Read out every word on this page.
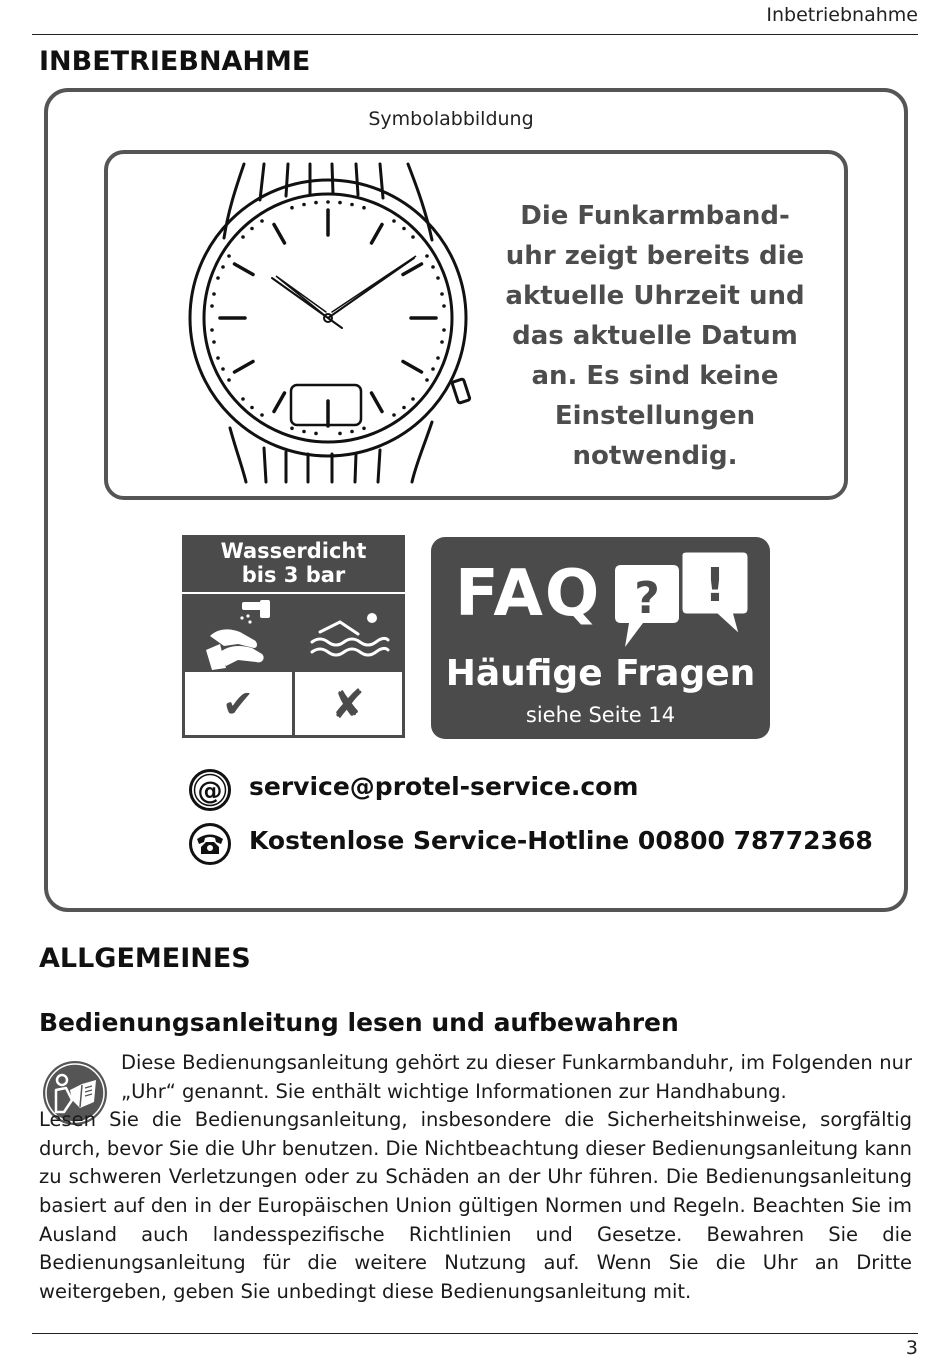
Inbetriebnahme
INBETRIEBNAHME
Symbolabbildung
Die Funkarmband-uhr zeigt bereits die aktuelle Uhrzeit und das aktuelle Datum an. Es sind keine Einstellungen notwendig.
Wasserdicht
bis 3 bar
✔ ✘
FAQ ? !
Häufige Fragen
siehe Seite 14
@ service@protel-service.com
Kostenlose Service-Hotline 00800 78772368
ALLGEMEINES
Bedienungsanleitung lesen und aufbewahren

Diese Bedienungsanleitung gehört zu dieser Funkarmbanduhr, im Folgenden nur „Uhr“ genannt. Sie enthält wichtige Informationen zur Handhabung.

Lesen Sie die Bedienungsanleitung, insbesondere die Sicherheitshinweise, sorgfältig durch, bevor Sie die Uhr benutzen. Die Nichtbeachtung dieser Bedienungsanleitung kann zu schweren Verletzungen oder zu Schäden an der Uhr führen. Die Bedienungsanleitung basiert auf den in der Europäischen Union gültigen Normen und Regeln. Beachten Sie im Ausland auch landesspezifische Richtlinien und Gesetze. Bewahren Sie die Bedienungsanleitung für die weitere Nutzung auf. Wenn Sie die Uhr an Dritte weitergeben, geben Sie unbedingt diese Bedienungsanleitung mit.

3
